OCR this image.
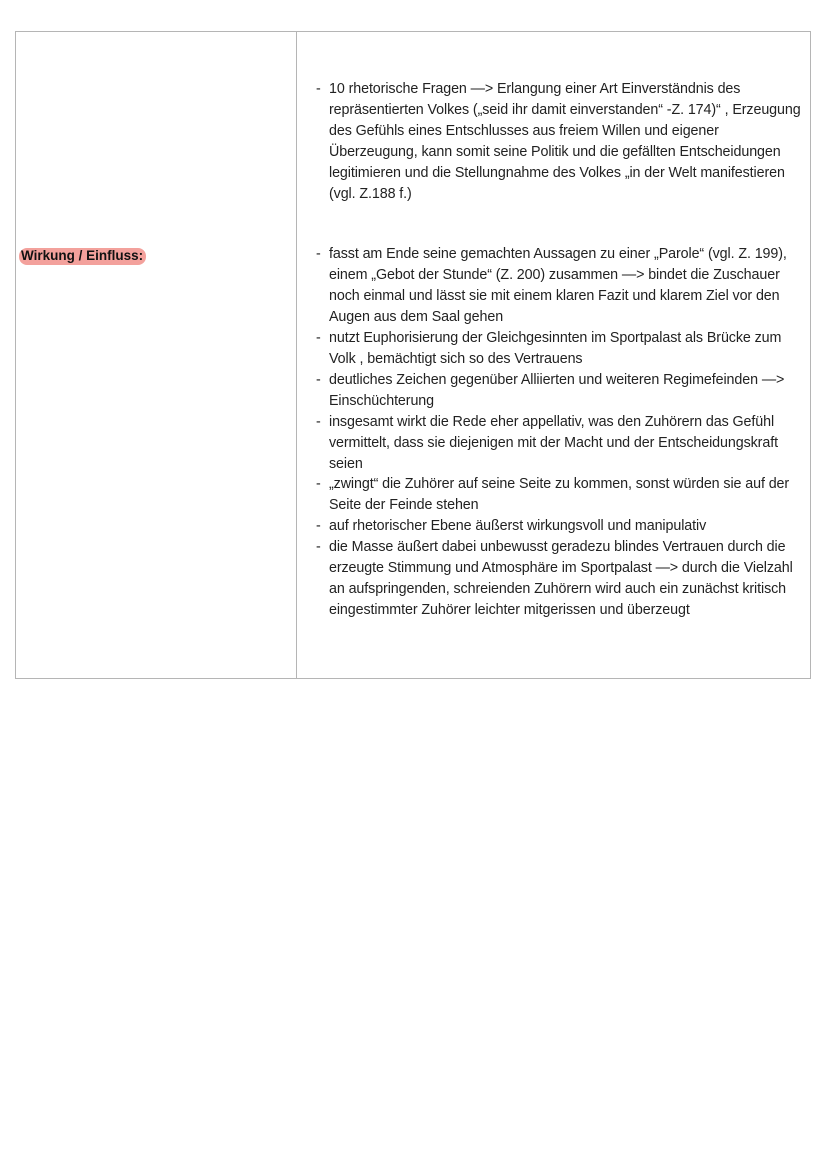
Wirkung / Einfluss:
- 10 rhetorische Fragen —> Erlangung einer Art Einverständnis des repräsentierten Volkes („seid ihr damit einverstanden“ -Z. 174)“ , Erzeugung des Gefühls eines Entschlusses aus freiem Willen und eigener Überzeugung, kann somit seine Politik und die gefällten Entscheidungen legitimieren und die Stellungnahme des Volkes „in der Welt manifestieren (vgl. Z.188 f.)
- fasst am Ende seine gemachten Aussagen zu einer „Parole“ (vgl. Z. 199), einem „Gebot der Stunde“ (Z. 200) zusammen —> bindet die Zuschauer noch einmal und lässt sie mit einem klaren Fazit und klarem Ziel vor den Augen aus dem Saal gehen
- nutzt Euphorisierung der Gleichgesinnten im Sportpalast als Brücke zum Volk , bemächtigt sich so des Vertrauens
- deutliches Zeichen gegenüber Alliierten und weiteren Regimefeinden —> Einschüchterung
- insgesamt wirkt die Rede eher appellativ, was den Zuhörern das Gefühl vermittelt, dass sie diejenigen mit der Macht und der Entscheidungskraft seien
- „zwingt“ die Zuhörer auf seine Seite zu kommen, sonst würden sie auf der Seite der Feinde stehen
- auf rhetorischer Ebene äußerst wirkungsvoll und manipulativ
- die Masse äußert dabei unbewusst geradezu blindes Vertrauen durch die erzeugte Stimmung und Atmosphäre im Sportpalast —> durch die Vielzahl an aufspringenden, schreienden Zuhörern wird auch ein zunächst kritisch eingestimmter Zuhörer leichter mitgerissen und überzeugt
